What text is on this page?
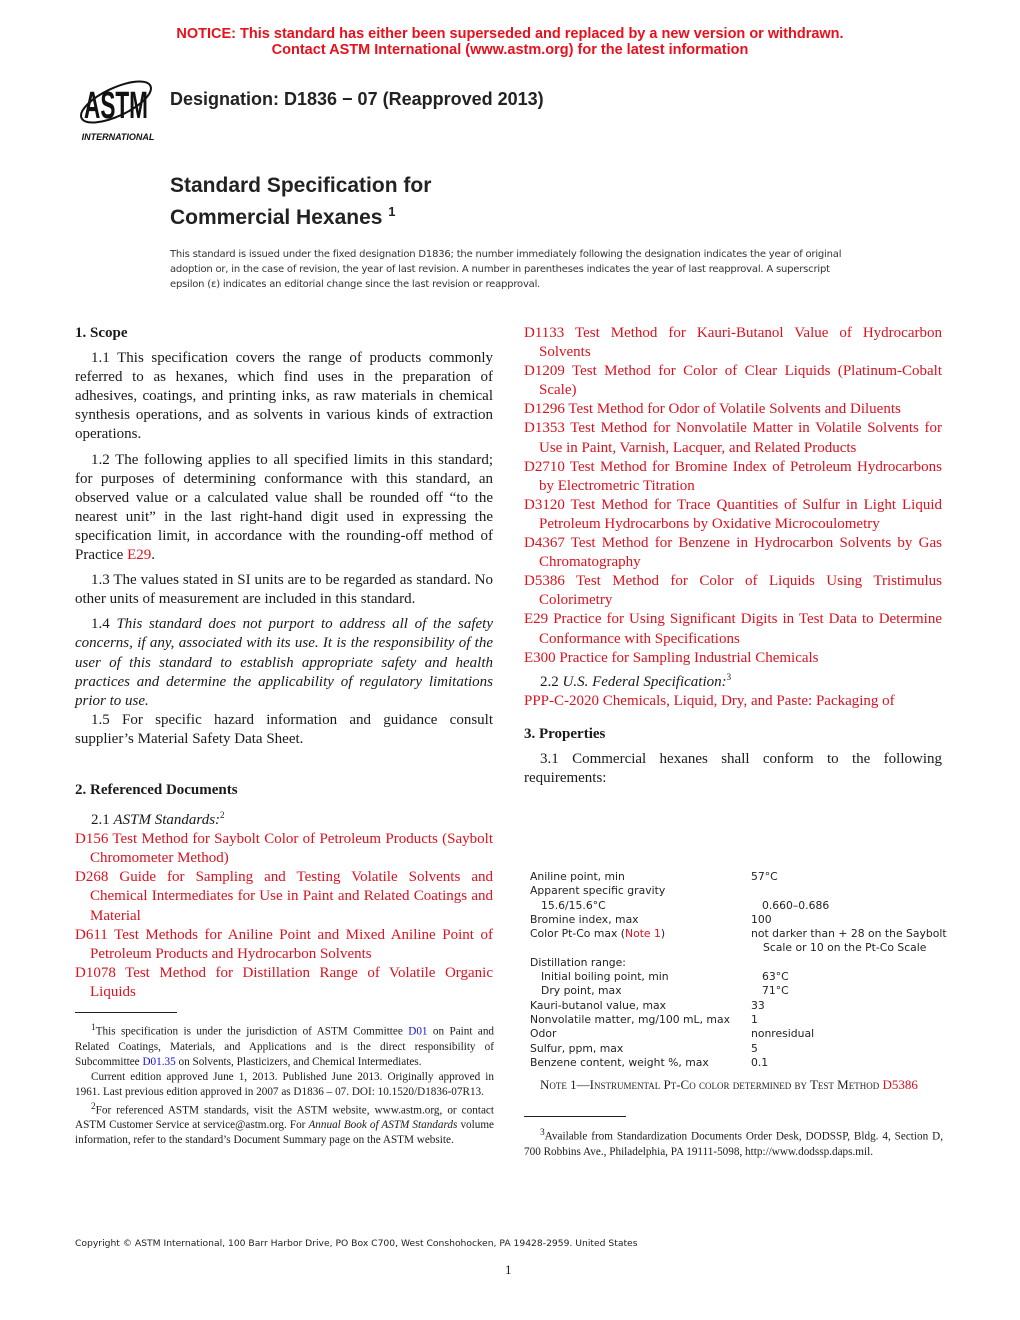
NOTICE: This standard has either been superseded and replaced by a new version or withdrawn.
Contact ASTM International (www.astm.org) for the latest information
ASTM
INTERNATIONAL
Designation: D1836 − 07 (Reapproved 2013)
Standard Specification for
Commercial Hexanes $^1$
This standard is issued under the fixed designation D1836; the number immediately following the designation indicates the year of original adoption or, in the case of revision, the year of last revision. A number in parentheses indicates the year of last reapproval. A superscript epsilon (ε) indicates an editorial change since the last revision or reapproval.
1. Scope

1.1 This specification covers the range of products commonly referred to as hexanes, which find uses in the preparation of adhesives, coatings, and printing inks, as raw materials in chemical synthesis operations, and as solvents in various kinds of extraction operations.

1.2 The following applies to all specified limits in this standard; for purposes of determining conformance with this standard, an observed value or a calculated value shall be rounded off “to the nearest unit” in the last right-hand digit used in expressing the specification limit, in accordance with the rounding-off method of Practice E29.

1.3 The values stated in SI units are to be regarded as standard. No other units of measurement are included in this standard.

1.4 This standard does not purport to address all of the safety concerns, if any, associated with its use. It is the responsibility of the user of this standard to establish appropriate safety and health practices and determine the applicability of regulatory limitations prior to use.

1.5 For specific hazard information and guidance consult supplier’s Material Safety Data Sheet.

2. Referenced Documents

2.1 ASTM Standards:$^2$

D156 Test Method for Saybolt Color of Petroleum Products (Saybolt Chromometer Method)

D268 Guide for Sampling and Testing Volatile Solvents and Chemical Intermediates for Use in Paint and Related Coatings and Material

D611 Test Methods for Aniline Point and Mixed Aniline Point of Petroleum Products and Hydrocarbon Solvents

D1078 Test Method for Distillation Range of Volatile Organic Liquids

D1133 Test Method for Kauri-Butanol Value of Hydrocarbon Solvents

D1209 Test Method for Color of Clear Liquids (Platinum-Cobalt Scale)

D1296 Test Method for Odor of Volatile Solvents and Diluents

D1353 Test Method for Nonvolatile Matter in Volatile Solvents for Use in Paint, Varnish, Lacquer, and Related Products

D2710 Test Method for Bromine Index of Petroleum Hydrocarbons by Electrometric Titration

D3120 Test Method for Trace Quantities of Sulfur in Light Liquid Petroleum Hydrocarbons by Oxidative Microcoulometry

D4367 Test Method for Benzene in Hydrocarbon Solvents by Gas Chromatography

D5386 Test Method for Color of Liquids Using Tristimulus Colorimetry

E29 Practice for Using Significant Digits in Test Data to Determine Conformance with Specifications

E300 Practice for Sampling Industrial Chemicals

2.2 U.S. Federal Specification:$^3$

PPP-C-2020 Chemicals, Liquid, Dry, and Paste: Packaging of

3. Properties

3.1 Commercial hexanes shall conform to the following requirements:

Aniline point, min	57°C
Apparent specific gravity
15.6/15.6°C	0.660–0.686
Bromine index, max	100
Color Pt-Co max (Note 1)	not darker than + 28 on the Saybolt
Scale or 10 on the Pt-Co Scale
Distillation range:
Initial boiling point, min	63°C
Dry point, max	71°C
Kauri-butanol value, max	33
Nonvolatile matter, mg/100 mL, max	1
Odor	nonresidual
Sulfur, ppm, max	5
Benzene content, weight %, max	0.1
Note 1—Instrumental Pt-Co color determined by Test Method D5386

$^1$This specification is under the jurisdiction of ASTM Committee D01 on Paint and Related Coatings, Materials, and Applications and is the direct responsibility of Subcommittee D01.35 on Solvents, Plasticizers, and Chemical Intermediates.

Current edition approved June 1, 2013. Published June 2013. Originally approved in 1961. Last previous edition approved in 2007 as D1836 – 07. DOI: 10.1520/D1836-07R13.

$^2$For referenced ASTM standards, visit the ASTM website, www.astm.org, or contact ASTM Customer Service at service@astm.org. For Annual Book of ASTM Standards volume information, refer to the standard’s Document Summary page on the ASTM website.

$^3$Available from Standardization Documents Order Desk, DODSSP, Bldg. 4, Section D, 700 Robbins Ave., Philadelphia, PA 19111-5098, http://www.dodssp.daps.mil.

Copyright © ASTM International, 100 Barr Harbor Drive, PO Box C700, West Conshohocken, PA 19428-2959. United States
1
